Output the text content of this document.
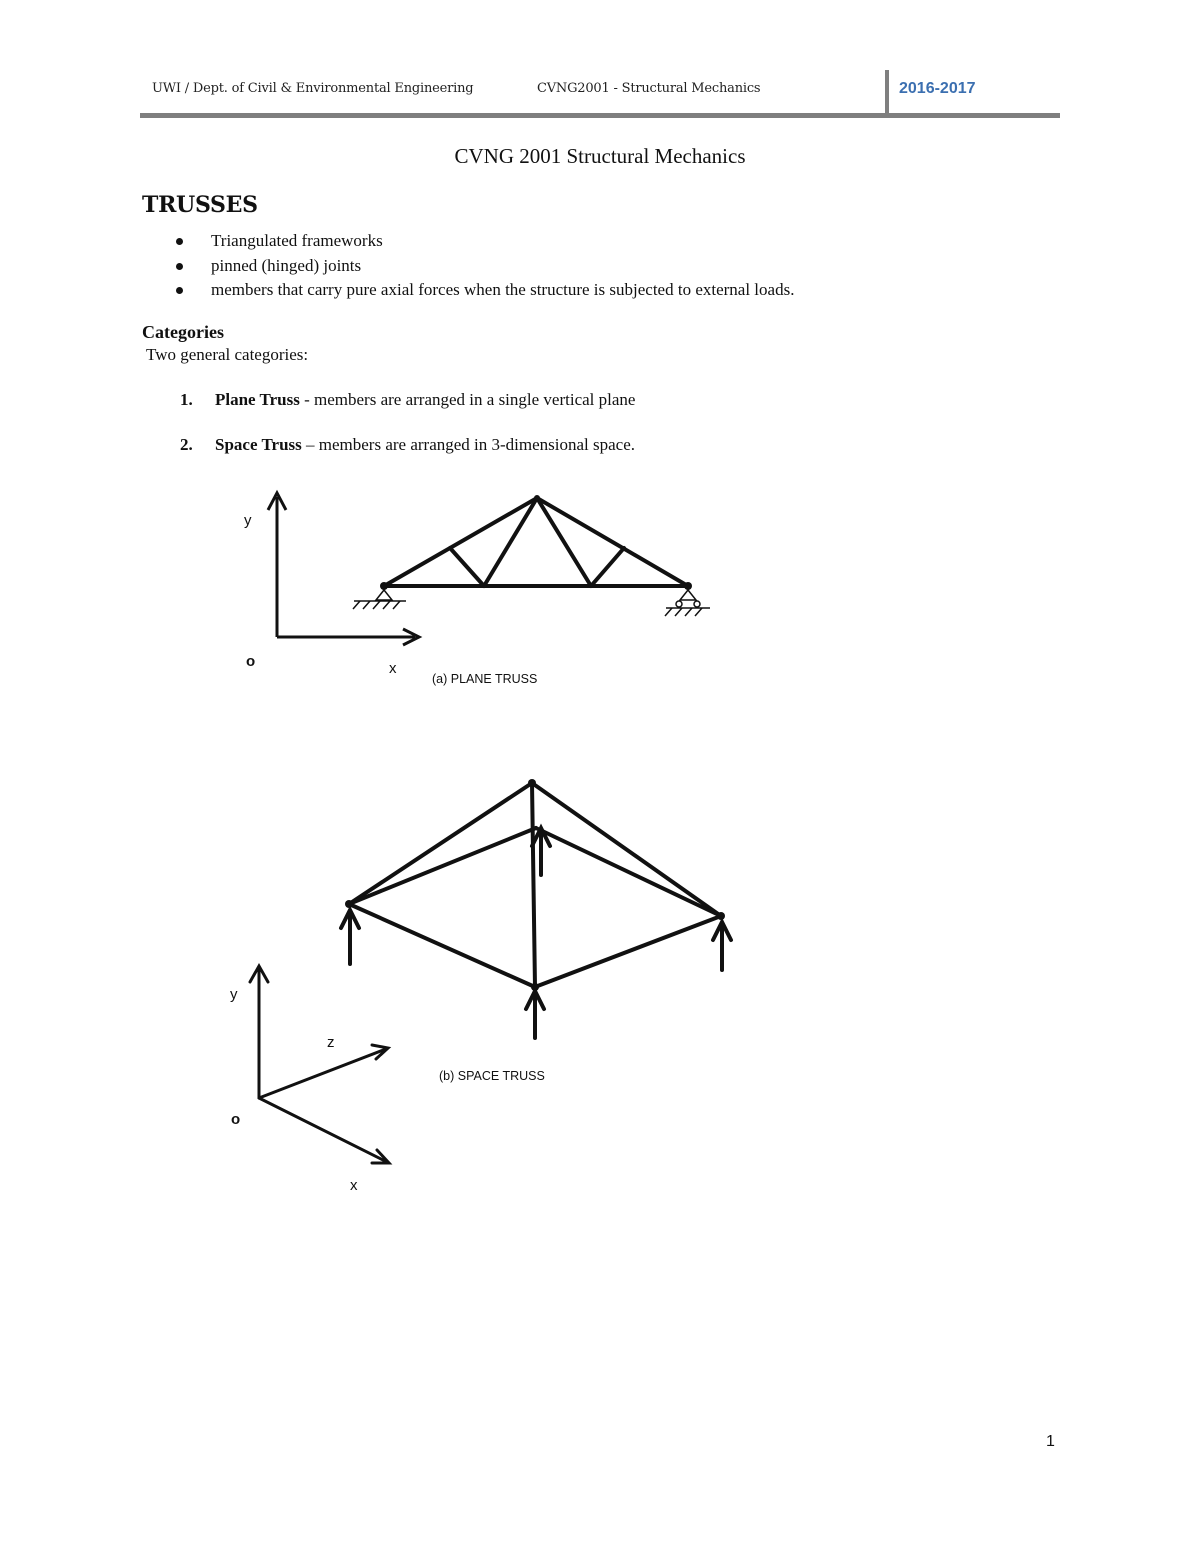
UWI / Dept. of Civil & Environmental Engineering	CVNG2001 - Structural Mechanics	2016-2017
CVNG 2001 Structural Mechanics
TRUSSES
Triangulated frameworks
pinned (hinged) joints
members that carry pure axial forces when the structure is subjected to external loads.
Categories
Two general categories:
1. Plane Truss - members are arranged in a single vertical plane
2. Space Truss – members are arranged in 3-dimensional space.
y
o	x
(a) PLANE TRUSS
y
z
o
x
(b) SPACE TRUSS
1
